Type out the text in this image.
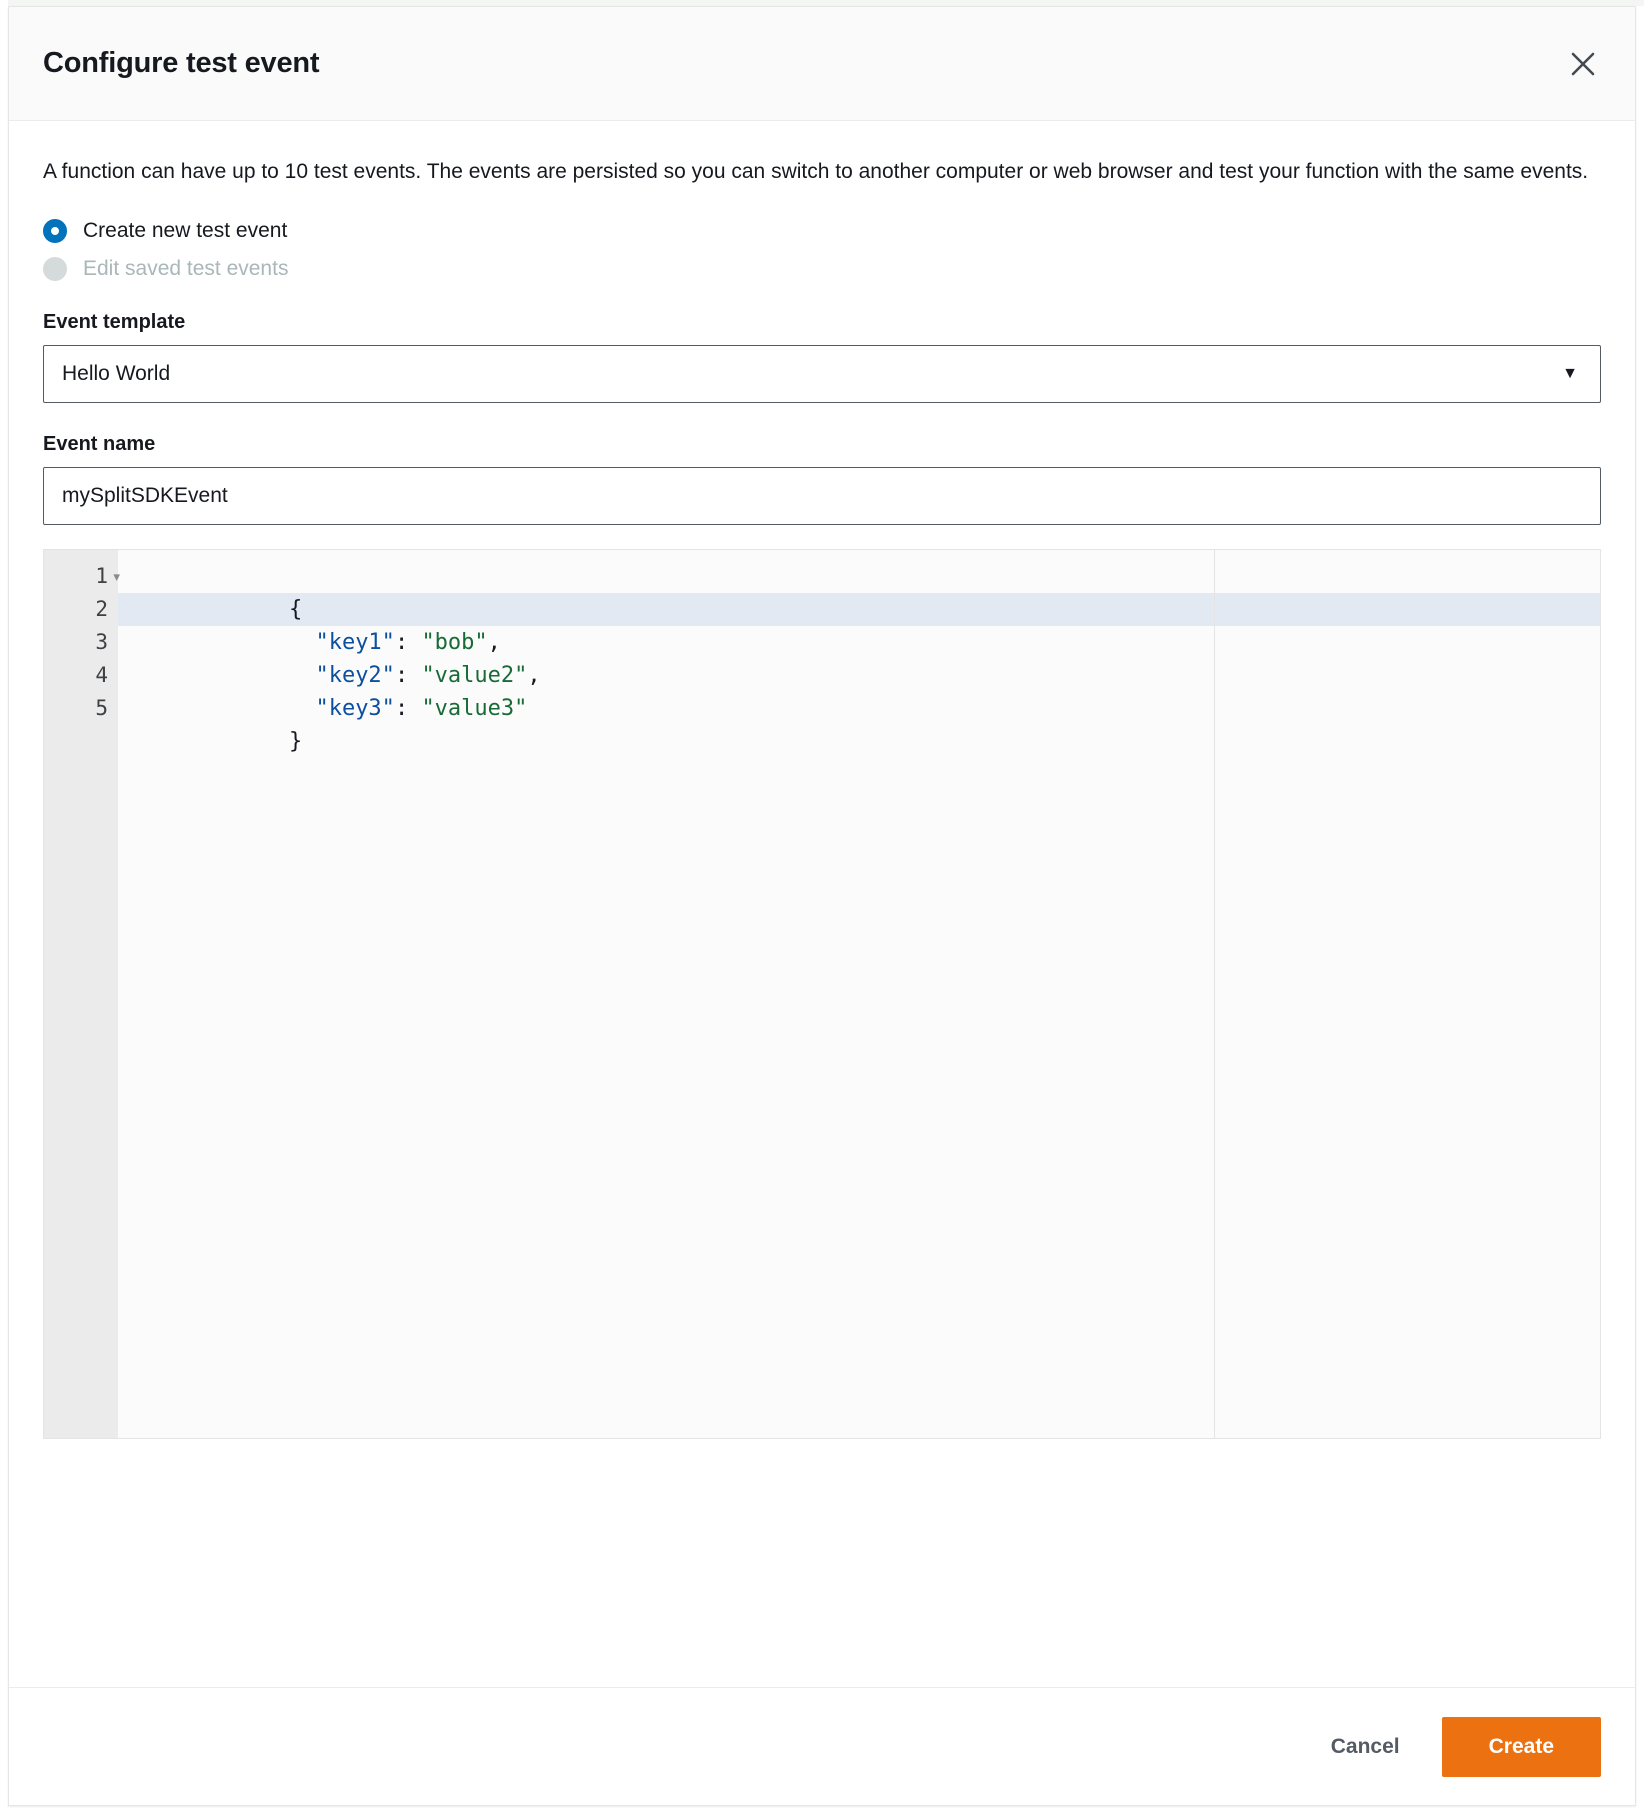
Configure test event

A function can have up to 10 test events. The events are persisted so you can switch to another computer or web browser and test your function with the same events.

Create new test event
Edit saved test events
Event template
Hello World	▼
Event name
mySplitSDKEvent
1 ▼
2
3
4
5

{

"key1": "bob",

"key2": "value2",

"key3": "value3"

}

Cancel	Create
